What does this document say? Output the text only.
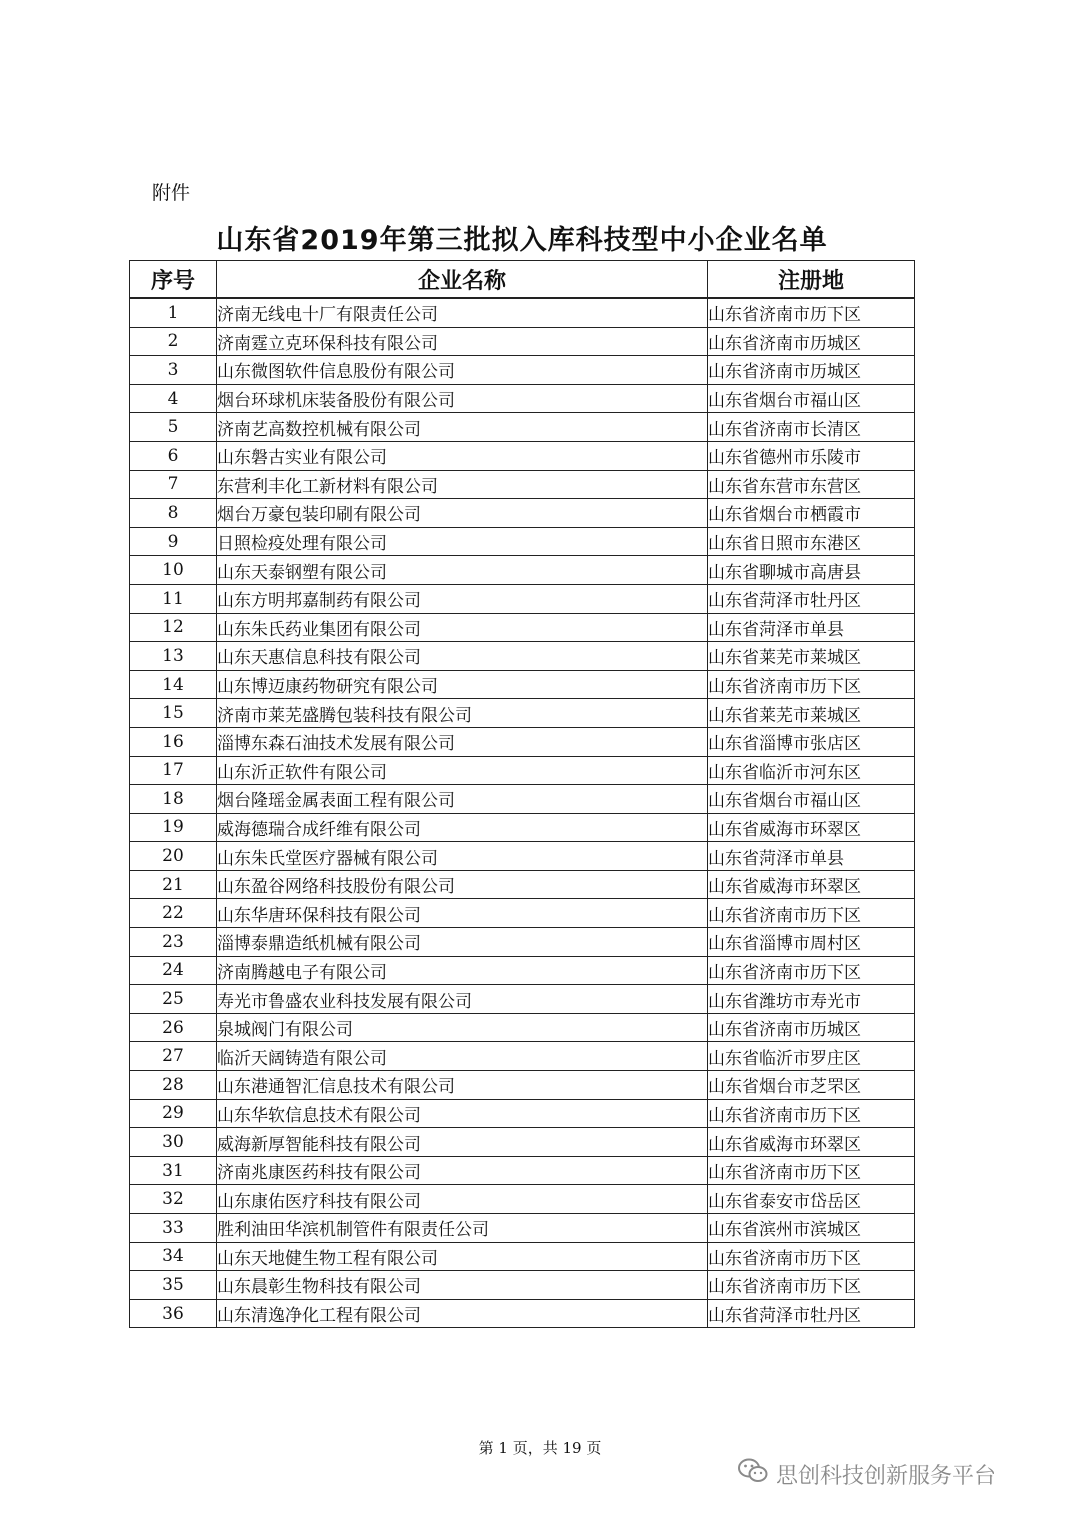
附件
山东省2019年第三批拟入库科技型中小企业名单
序号	企业名称	注册地
1	济南无线电十厂有限责任公司	山东省济南市历下区
2	济南霆立克环保科技有限公司	山东省济南市历城区
3	山东微图软件信息股份有限公司	山东省济南市历城区
4	烟台环球机床装备股份有限公司	山东省烟台市福山区
5	济南艺高数控机械有限公司	山东省济南市长清区
6	山东磐古实业有限公司	山东省德州市乐陵市
7	东营利丰化工新材料有限公司	山东省东营市东营区
8	烟台万豪包装印刷有限公司	山东省烟台市栖霞市
9	日照检疫处理有限公司	山东省日照市东港区
10	山东天泰钢塑有限公司	山东省聊城市高唐县
11	山东方明邦嘉制药有限公司	山东省菏泽市牡丹区
12	山东朱氏药业集团有限公司	山东省菏泽市单县
13	山东天惠信息科技有限公司	山东省莱芜市莱城区
14	山东博迈康药物研究有限公司	山东省济南市历下区
15	济南市莱芜盛腾包装科技有限公司	山东省莱芜市莱城区
16	淄博东森石油技术发展有限公司	山东省淄博市张店区
17	山东沂正软件有限公司	山东省临沂市河东区
18	烟台隆瑶金属表面工程有限公司	山东省烟台市福山区
19	威海德瑞合成纤维有限公司	山东省威海市环翠区
20	山东朱氏堂医疗器械有限公司	山东省菏泽市单县
21	山东盈谷网络科技股份有限公司	山东省威海市环翠区
22	山东华唐环保科技有限公司	山东省济南市历下区
23	淄博泰鼎造纸机械有限公司	山东省淄博市周村区
24	济南腾越电子有限公司	山东省济南市历下区
25	寿光市鲁盛农业科技发展有限公司	山东省潍坊市寿光市
26	泉城阀门有限公司	山东省济南市历城区
27	临沂天阔铸造有限公司	山东省临沂市罗庄区
28	山东港通智汇信息技术有限公司	山东省烟台市芝罘区
29	山东华软信息技术有限公司	山东省济南市历下区
30	威海新厚智能科技有限公司	山东省威海市环翠区
31	济南兆康医药科技有限公司	山东省济南市历下区
32	山东康佑医疗科技有限公司	山东省泰安市岱岳区
33	胜利油田华滨机制管件有限责任公司	山东省滨州市滨城区
34	山东天地健生物工程有限公司	山东省济南市历下区
35	山东晨彰生物科技有限公司	山东省济南市历下区
36	山东清逸净化工程有限公司	山东省菏泽市牡丹区
第 1 页，共 19 页
思创科技创新服务平台
